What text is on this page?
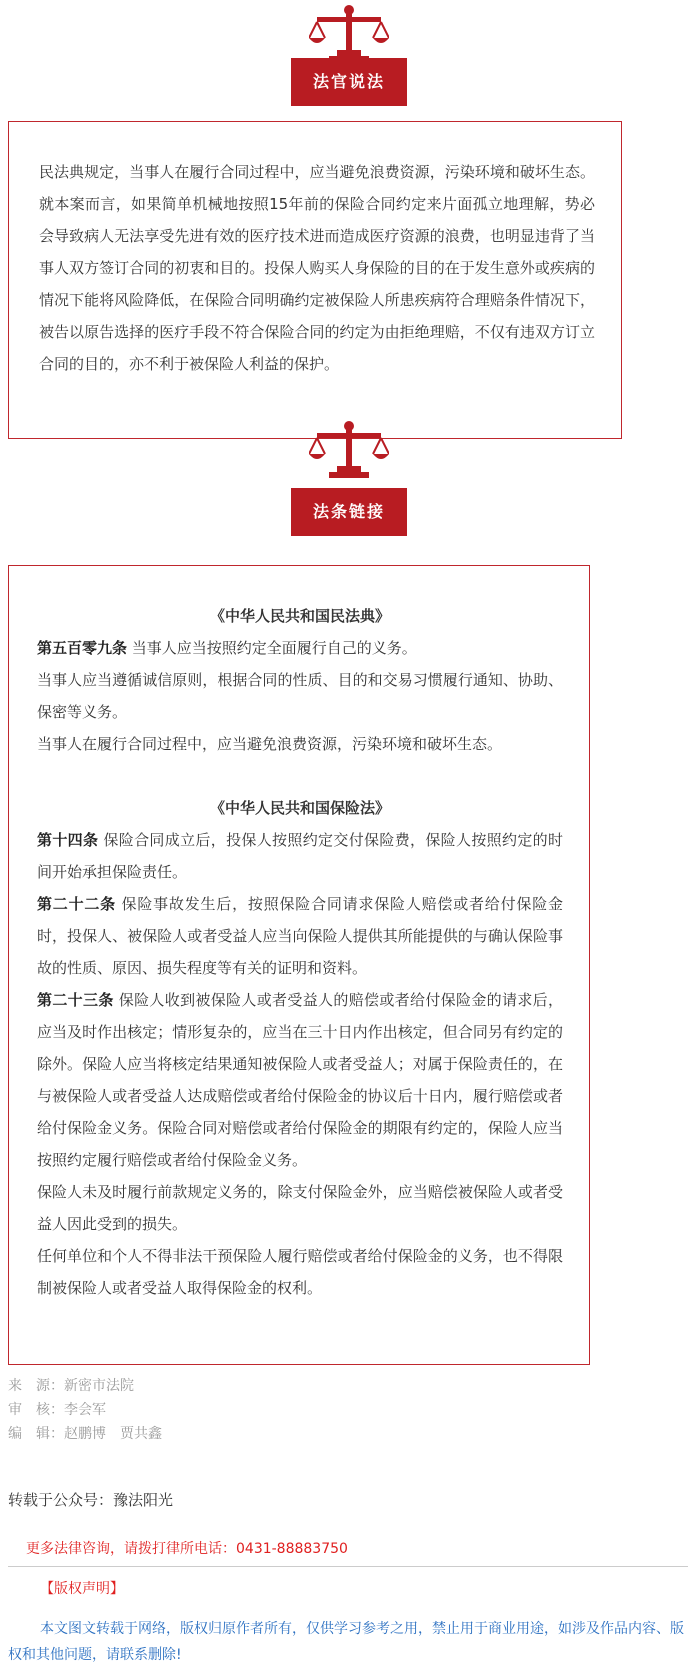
法官说法

民法典规定，当事人在履行合同过程中，应当避免浪费资源，污染环境和破坏生态。就本案而言，如果简单机械地按照15年前的保险合同约定来片面孤立地理解，势必会导致病人无法享受先进有效的医疗技术进而造成医疗资源的浪费，也明显违背了当事人双方签订合同的初衷和目的。投保人购买人身保险的目的在于发生意外或疾病的情况下能将风险降低，在保险合同明确约定被保险人所患疾病符合理赔条件情况下，被告以原告选择的医疗手段不符合保险合同的约定为由拒绝理赔，不仅有违双方订立合同的目的，亦不利于被保险人利益的保护。

法条链接

《中华人民共和国民法典》

第五百零九条 当事人应当按照约定全面履行自己的义务。

当事人应当遵循诚信原则，根据合同的性质、目的和交易习惯履行通知、协助、保密等义务。

当事人在履行合同过程中，应当避免浪费资源，污染环境和破坏生态。

《中华人民共和国保险法》

第十四条 保险合同成立后，投保人按照约定交付保险费，保险人按照约定的时间开始承担保险责任。

第二十二条 保险事故发生后，按照保险合同请求保险人赔偿或者给付保险金时，投保人、被保险人或者受益人应当向保险人提供其所能提供的与确认保险事故的性质、原因、损失程度等有关的证明和资料。

第二十三条 保险人收到被保险人或者受益人的赔偿或者给付保险金的请求后，应当及时作出核定；情形复杂的，应当在三十日内作出核定，但合同另有约定的除外。保险人应当将核定结果通知被保险人或者受益人；对属于保险责任的，在与被保险人或者受益人达成赔偿或者给付保险金的协议后十日内，履行赔偿或者给付保险金义务。保险合同对赔偿或者给付保险金的期限有约定的，保险人应当按照约定履行赔偿或者给付保险金义务。

保险人未及时履行前款规定义务的，除支付保险金外，应当赔偿被保险人或者受益人因此受到的损失。

任何单位和个人不得非法干预保险人履行赔偿或者给付保险金的义务，也不得限制被保险人或者受益人取得保险金的权利。

来　源：新密市法院
审　核：李会军
编　辑：赵鹏博　贾共鑫
转载于公众号：豫法阳光
更多法律咨询，请拨打律所电话：0431-88883750
【版权声明】

本文图文转载于网络，版权归原作者所有，仅供学习参考之用，禁止用于商业用途，如涉及作品内容、版权和其他问题，请联系删除!
